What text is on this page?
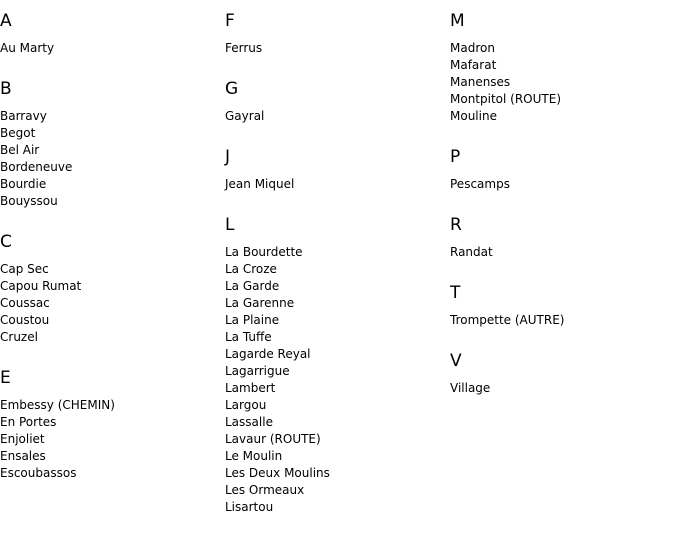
A
Au Marty
B
Barravy
Begot
Bel Air
Bordeneuve
Bourdie
Bouyssou
C
Cap Sec
Capou Rumat
Coussac
Coustou
Cruzel
E
Embessy (CHEMIN)
En Portes
Enjoliet
Ensales
Escoubassos
F
Ferrus
G
Gayral
J
Jean Miquel
L
La Bourdette
La Croze
La Garde
La Garenne
La Plaine
La Tuffe
Lagarde Reyal
Lagarrigue
Lambert
Largou
Lassalle
Lavaur (ROUTE)
Le Moulin
Les Deux Moulins
Les Ormeaux
Lisartou
M
Madron
Mafarat
Manenses
Montpitol (ROUTE)
Mouline
P
Pescamps
R
Randat
T
Trompette (AUTRE)
V
Village
